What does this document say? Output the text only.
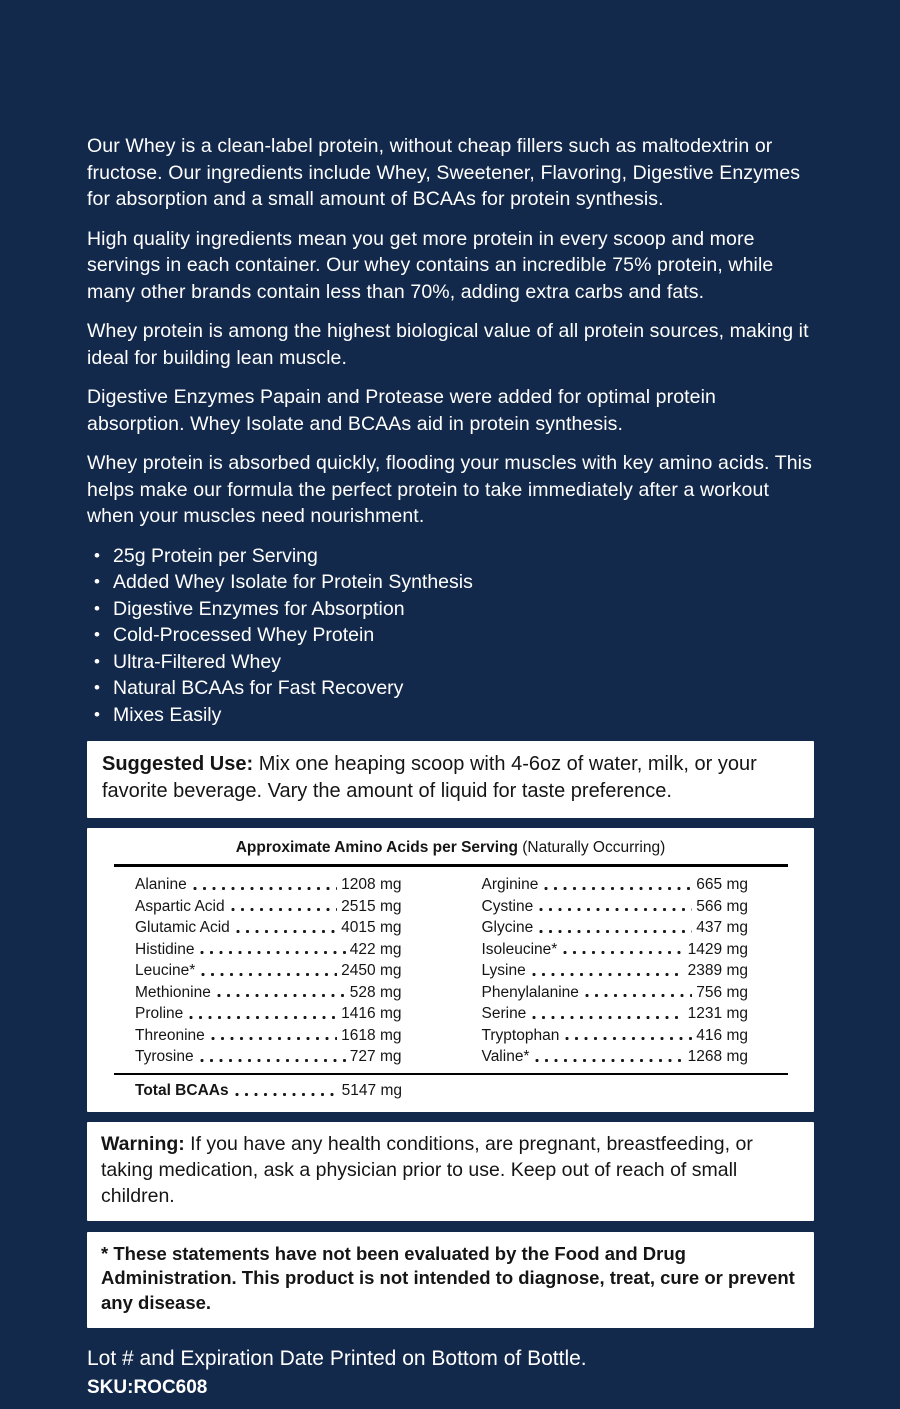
Our Whey is a clean-label protein, without cheap fillers such as maltodextrin or fructose. Our ingredients include Whey, Sweetener, Flavoring, Digestive Enzymes for absorption and a small amount of BCAAs for protein synthesis.

High quality ingredients mean you get more protein in every scoop and more servings in each container. Our whey contains an incredible 75% protein, while many other brands contain less than 70%, adding extra carbs and fats.

Whey protein is among the highest biological value of all protein sources, making it ideal for building lean muscle.

Digestive Enzymes Papain and Protease were added for optimal protein absorption. Whey Isolate and BCAAs aid in protein synthesis.

Whey protein is absorbed quickly, flooding your muscles with key amino acids. This helps make our formula the perfect protein to take immediately after a workout when your muscles need nourishment.

• 25g Protein per Serving
• Added Whey Isolate for Protein Synthesis
• Digestive Enzymes for Absorption
• Cold-Processed Whey Protein
• Ultra-Filtered Whey
• Natural BCAAs for Fast Recovery
• Mixes Easily
Suggested Use: Mix one heaping scoop with 4-6oz of water, milk, or your favorite beverage. Vary the amount of liquid for taste preference.
Approximate Amino Acids per Serving (Naturally Occurring)
Alanine	1208 mg
Aspartic Acid	2515 mg
Glutamic Acid	4015 mg
Histidine	422 mg
Leucine*	2450 mg
Methionine	528 mg
Proline	1416 mg
Threonine	1618 mg
Tyrosine	727 mg
Arginine	665 mg
Cystine	566 mg
Glycine	437 mg
Isoleucine*	1429 mg
Lysine	2389 mg
Phenylalanine	756 mg
Serine	1231 mg
Tryptophan	416 mg
Valine*	1268 mg
Total BCAAs	5147 mg
Warning: If you have any health conditions, are pregnant, breastfeeding, or taking medication, ask a physician prior to use. Keep out of reach of small children.
* These statements have not been evaluated by the Food and Drug Administration. This product is not intended to diagnose, treat, cure or prevent any disease.
Lot # and Expiration Date Printed on Bottom of Bottle.
SKU:ROC608
